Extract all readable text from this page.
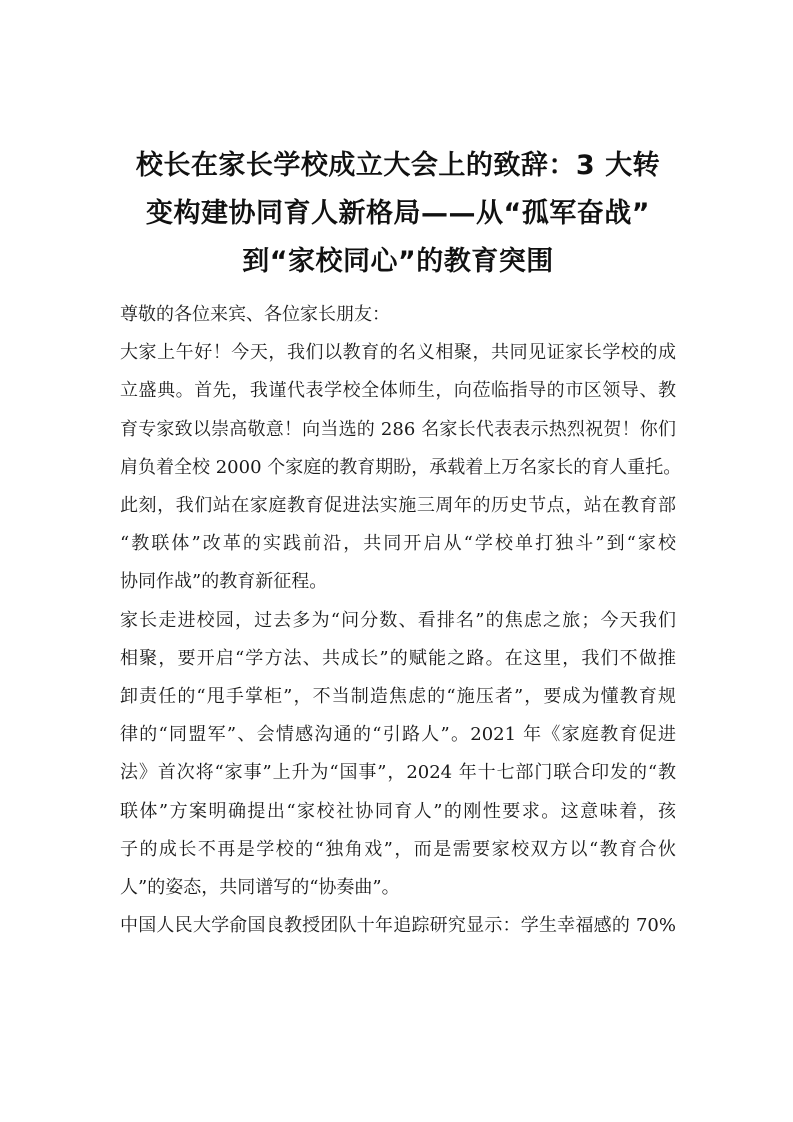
校长在家长学校成立大会上的致辞：3 大转
变构建协同育人新格局——从“孤军奋战”
到“家校同心”的教育突围

尊敬的各位来宾、各位家长朋友：

大家上午好！今天，我们以教育的名义相聚，共同见证家长学校的成
立盛典。首先，我谨代表学校全体师生，向莅临指导的市区领导、教
育专家致以崇高敬意！向当选的 286 名家长代表表示热烈祝贺！你们
肩负着全校 2000 个家庭的教育期盼，承载着上万名家长的育人重托。
此刻，我们站在家庭教育促进法实施三周年的历史节点，站在教育部
“教联体”改革的实践前沿，共同开启从“学校单打独斗”到“家校
协同作战”的教育新征程。

家长走进校园，过去多为“问分数、看排名”的焦虑之旅；今天我们
相聚，要开启“学方法、共成长”的赋能之路。在这里，我们不做推
卸责任的“甩手掌柜”，不当制造焦虑的“施压者”，要成为懂教育规
律的“同盟军”、会情感沟通的“引路人”。2021 年《家庭教育促进
法》首次将“家事”上升为“国事”，2024 年十七部门联合印发的“教
联体”方案明确提出“家校社协同育人”的刚性要求。这意味着，孩
子的成长不再是学校的“独角戏”，而是需要家校双方以“教育合伙
人”的姿态，共同谱写的“协奏曲”。

中国人民大学俞国良教授团队十年追踪研究显示：学生幸福感的 70%
